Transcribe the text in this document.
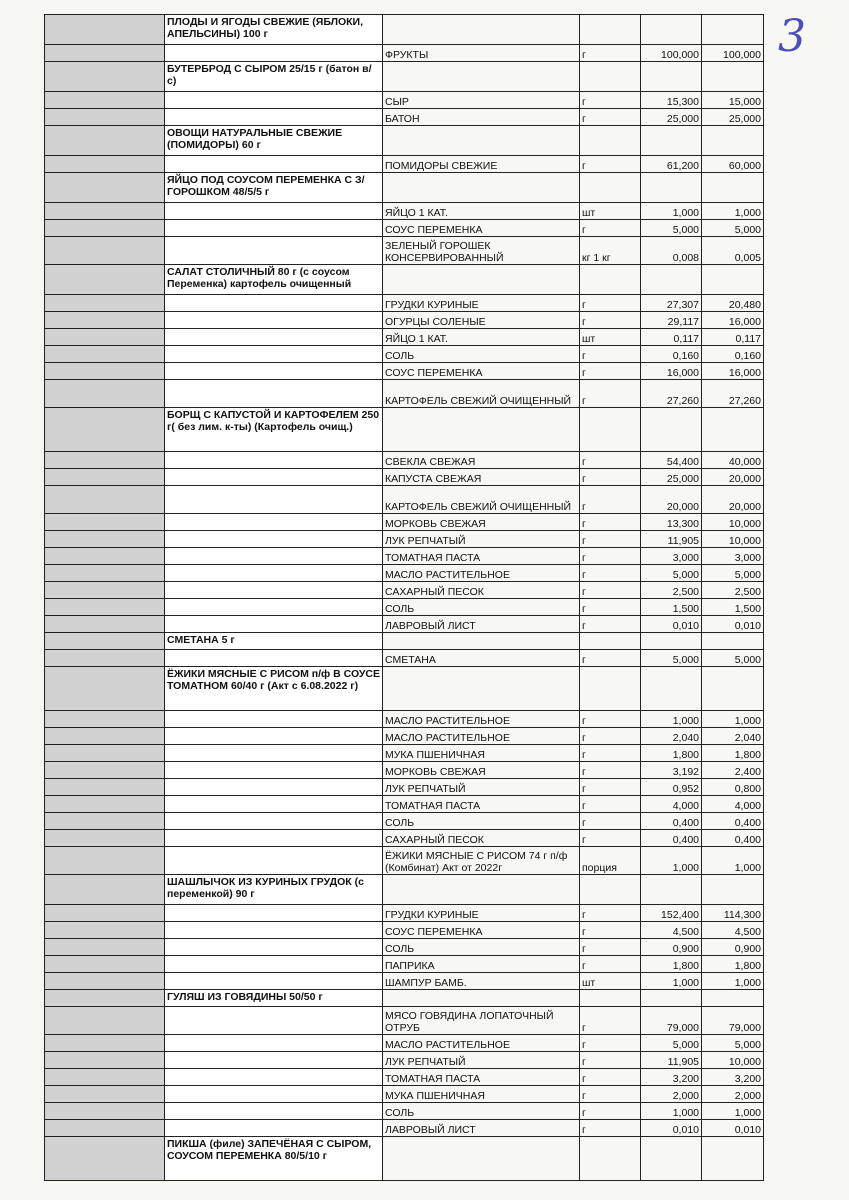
3
	ПЛОДЫ И ЯГОДЫ СВЕЖИЕ (ЯБЛОКИ, АПЕЛЬСИНЫ) 100 г				
		ФРУКТЫ	г	100,000	100,000
	БУТЕРБРОД С СЫРОМ 25/15 г (батон в/с)				
		СЫР	г	15,300	15,000
		БАТОН	г	25,000	25,000
	ОВОЩИ НАТУРАЛЬНЫЕ СВЕЖИЕ (ПОМИДОРЫ) 60 г				
		ПОМИДОРЫ СВЕЖИЕ	г	61,200	60,000
	ЯЙЦО ПОД СОУСОМ ПЕРЕМЕНКА С З/ГОРОШКОМ 48/5/5 г				
		ЯЙЦО 1 КАТ.	шт	1,000	1,000
		СОУС ПЕРЕМЕНКА	г	5,000	5,000
		ЗЕЛЕНЫЙ ГОРОШЕК КОНСЕРВИРОВАННЫЙ	кг 1 кг	0,008	0,005
	САЛАТ СТОЛИЧНЫЙ 80 г (с соусом Переменка) картофель очищенный				
		ГРУДКИ КУРИНЫЕ	г	27,307	20,480
		ОГУРЦЫ СОЛЕНЫЕ	г	29,117	16,000
		ЯЙЦО 1 КАТ.	шт	0,117	0,117
		СОЛЬ	г	0,160	0,160
		СОУС ПЕРЕМЕНКА	г	16,000	16,000
		КАРТОФЕЛЬ СВЕЖИЙ ОЧИЩЕННЫЙ	г	27,260	27,260
	БОРЩ С КАПУСТОЙ И КАРТОФЕЛЕМ 250 г( без лим. к-ты) (Картофель очищ.)				
		СВЕКЛА СВЕЖАЯ	г	54,400	40,000
		КАПУСТА СВЕЖАЯ	г	25,000	20,000
		КАРТОФЕЛЬ СВЕЖИЙ ОЧИЩЕННЫЙ	г	20,000	20,000
		МОРКОВЬ СВЕЖАЯ	г	13,300	10,000
		ЛУК РЕПЧАТЫЙ	г	11,905	10,000
		ТОМАТНАЯ ПАСТА	г	3,000	3,000
		МАСЛО РАСТИТЕЛЬНОЕ	г	5,000	5,000
		САХАРНЫЙ ПЕСОК	г	2,500	2,500
		СОЛЬ	г	1,500	1,500
		ЛАВРОВЫЙ ЛИСТ	г	0,010	0,010
	СМЕТАНА 5 г				
		СМЕТАНА	г	5,000	5,000
	ЁЖИКИ МЯСНЫЕ С РИСОМ п/ф В СОУСЕ ТОМАТНОМ 60/40 г (Акт с 6.08.2022 г)				
		МАСЛО РАСТИТЕЛЬНОЕ	г	1,000	1,000
		МАСЛО РАСТИТЕЛЬНОЕ	г	2,040	2,040
		МУКА ПШЕНИЧНАЯ	г	1,800	1,800
		МОРКОВЬ СВЕЖАЯ	г	3,192	2,400
		ЛУК РЕПЧАТЫЙ	г	0,952	0,800
		ТОМАТНАЯ ПАСТА	г	4,000	4,000
		СОЛЬ	г	0,400	0,400
		САХАРНЫЙ ПЕСОК	г	0,400	0,400
		ЁЖИКИ МЯСНЫЕ С РИСОМ 74 г п/ф (Комбинат) Акт от 2022г	порция	1,000	1,000
	ШАШЛЫЧОК ИЗ КУРИНЫХ ГРУДОК (с переменкой) 90 г				
		ГРУДКИ КУРИНЫЕ	г	152,400	114,300
		СОУС ПЕРЕМЕНКА	г	4,500	4,500
		СОЛЬ	г	0,900	0,900
		ПАПРИКА	г	1,800	1,800
		ШАМПУР БАМБ.	шт	1,000	1,000
	ГУЛЯШ ИЗ ГОВЯДИНЫ 50/50 г				
		МЯСО ГОВЯДИНА ЛОПАТОЧНЫЙ ОТРУБ	г	79,000	79,000
		МАСЛО РАСТИТЕЛЬНОЕ	г	5,000	5,000
		ЛУК РЕПЧАТЫЙ	г	11,905	10,000
		ТОМАТНАЯ ПАСТА	г	3,200	3,200
		МУКА ПШЕНИЧНАЯ	г	2,000	2,000
		СОЛЬ	г	1,000	1,000
		ЛАВРОВЫЙ ЛИСТ	г	0,010	0,010
	ПИКША (филе) ЗАПЕЧЁНАЯ С СЫРОМ, СОУСОМ ПЕРЕМЕНКА 80/5/10 г				
